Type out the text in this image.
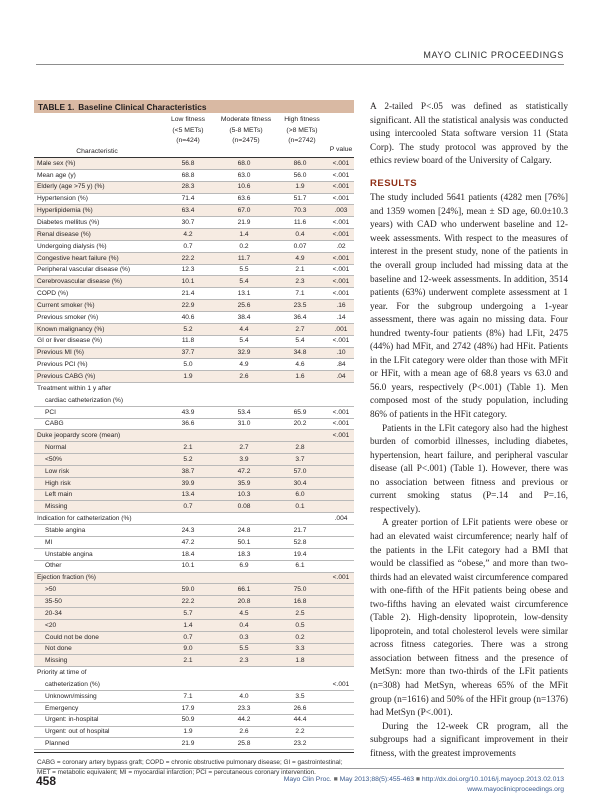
MAYO CLINIC PROCEEDINGS
TABLE 1. Baseline Clinical Characteristics
Low fitness
(<5 METs)
(n=424)
Moderate fitness
(5-8 METs)
(n=2475)
High fitness
(>8 METs)
(n=2742)
Characteristic	P value
Male sex (%)	56.8	68.0	86.0	<.001
Mean age (y)	68.8	63.0	56.0	<.001
Elderly (age >75 y) (%)	28.3	10.6	1.9	<.001
Hypertension (%)	71.4	63.6	51.7	<.001
Hyperlipidemia (%)	63.4	67.0	70.3	.003
Diabetes mellitus (%)	30.7	21.9	11.6	<.001
Renal disease (%)	4.2	1.4	0.4	<.001
Undergoing dialysis (%)	0.7	0.2	0.07	.02
Congestive heart failure (%)	22.2	11.7	4.9	<.001
Peripheral vascular disease (%)	12.3	5.5	2.1	<.001
Cerebrovascular disease (%)	10.1	5.4	2.3	<.001
COPD (%)	21.4	13.1	7.1	<.001
Current smoker (%)	22.9	25.6	23.5	.16
Previous smoker (%)	40.6	38.4	36.4	.14
Known malignancy (%)	5.2	4.4	2.7	.001
GI or liver disease (%)	11.8	5.4	5.4	<.001
Previous MI (%)	37.7	32.9	34.8	.10
Previous PCI (%)	5.0	4.9	4.6	.84
Previous CABG (%)	1.9	2.6	1.6	.04
Treatment within 1 y after
cardiac catheterization (%)
PCI	43.9	53.4	65.9	<.001
CABG	36.6	31.0	20.2	<.001
Duke jeopardy score (mean)	<.001
Normal	2.1	2.7	2.8
<50%	5.2	3.9	3.7
Low risk	38.7	47.2	57.0
High risk	39.9	35.9	30.4
Left main	13.4	10.3	6.0
Missing	0.7	0.08	0.1
Indication for catheterization (%)	.004
Stable angina	24.3	24.8	21.7
MI	47.2	50.1	52.8
Unstable angina	18.4	18.3	19.4
Other	10.1	6.9	6.1
Ejection fraction (%)	<.001
>50	59.0	66.1	75.0
35-50	22.2	20.8	16.8
20-34	5.7	4.5	2.5
<20	1.4	0.4	0.5
Could not be done	0.7	0.3	0.2
Not done	9.0	5.5	3.3
Missing	2.1	2.3	1.8
Priority at time of
catheterization (%)	<.001
Unknown/missing	7.1	4.0	3.5
Emergency	17.9	23.3	26.6
Urgent: in-hospital	50.9	44.2	44.4
Urgent: out of hospital	1.9	2.6	2.2
Planned	21.9	25.8	23.2
CABG = coronary artery bypass graft; COPD = chronic obstructive pulmonary disease; GI = gastrointestinal; MET = metabolic equivalent; MI = myocardial infarction; PCI = percutaneous coronary intervention.

A 2-tailed P<.05 was defined as statistically significant. All the statistical analysis was conducted using intercooled Stata software version 11 (Stata Corp). The study protocol was approved by the ethics review board of the University of Calgary.

RESULTS

The study included 5641 patients (4282 men [76%] and 1359 women [24%], mean ± SD age, 60.0±10.3 years) with CAD who underwent baseline and 12-week assessments. With respect to the measures of interest in the present study, none of the patients in the overall group included had missing data at the baseline and 12-week assessments. In addition, 3514 patients (63%) underwent complete assessment at 1 year. For the subgroup undergoing a 1-year assessment, there was again no missing data. Four hundred twenty-four patients (8%) had LFit, 2475 (44%) had MFit, and 2742 (48%) had HFit. Patients in the LFit category were older than those with MFit or HFit, with a mean age of 68.8 years vs 63.0 and 56.0 years, respectively (P<.001) (Table 1). Men composed most of the study population, including 86% of patients in the HFit category.

Patients in the LFit category also had the highest burden of comorbid illnesses, including diabetes, hypertension, heart failure, and peripheral vascular disease (all P<.001) (Table 1). However, there was no association between fitness and previous or current smoking status (P=.14 and P=.16, respectively).

A greater portion of LFit patients were obese or had an elevated waist circumference; nearly half of the patients in the LFit category had a BMI that would be classified as “obese,” and more than two-thirds had an elevated waist circumference compared with one-fifth of the HFit patients being obese and two-fifths having an elevated waist circumference (Table 2). High-density lipoprotein, low-density lipoprotein, and total cholesterol levels were similar across fitness categories. There was a strong association between fitness and the presence of MetSyn: more than two-thirds of the LFit patients (n=308) had MetSyn, whereas 65% of the MFit group (n=1616) and 50% of the HFit group (n=1376) had MetSyn (P<.001).

During the 12-week CR program, all the subgroups had a significant improvement in their fitness, with the greatest improvements

458	Mayo Clin Proc. ■ May 2013;88(5):455-463 ■ http://dx.doi.org/10.1016/j.mayocp.2013.02.013
www.mayoclinicproceedings.org
